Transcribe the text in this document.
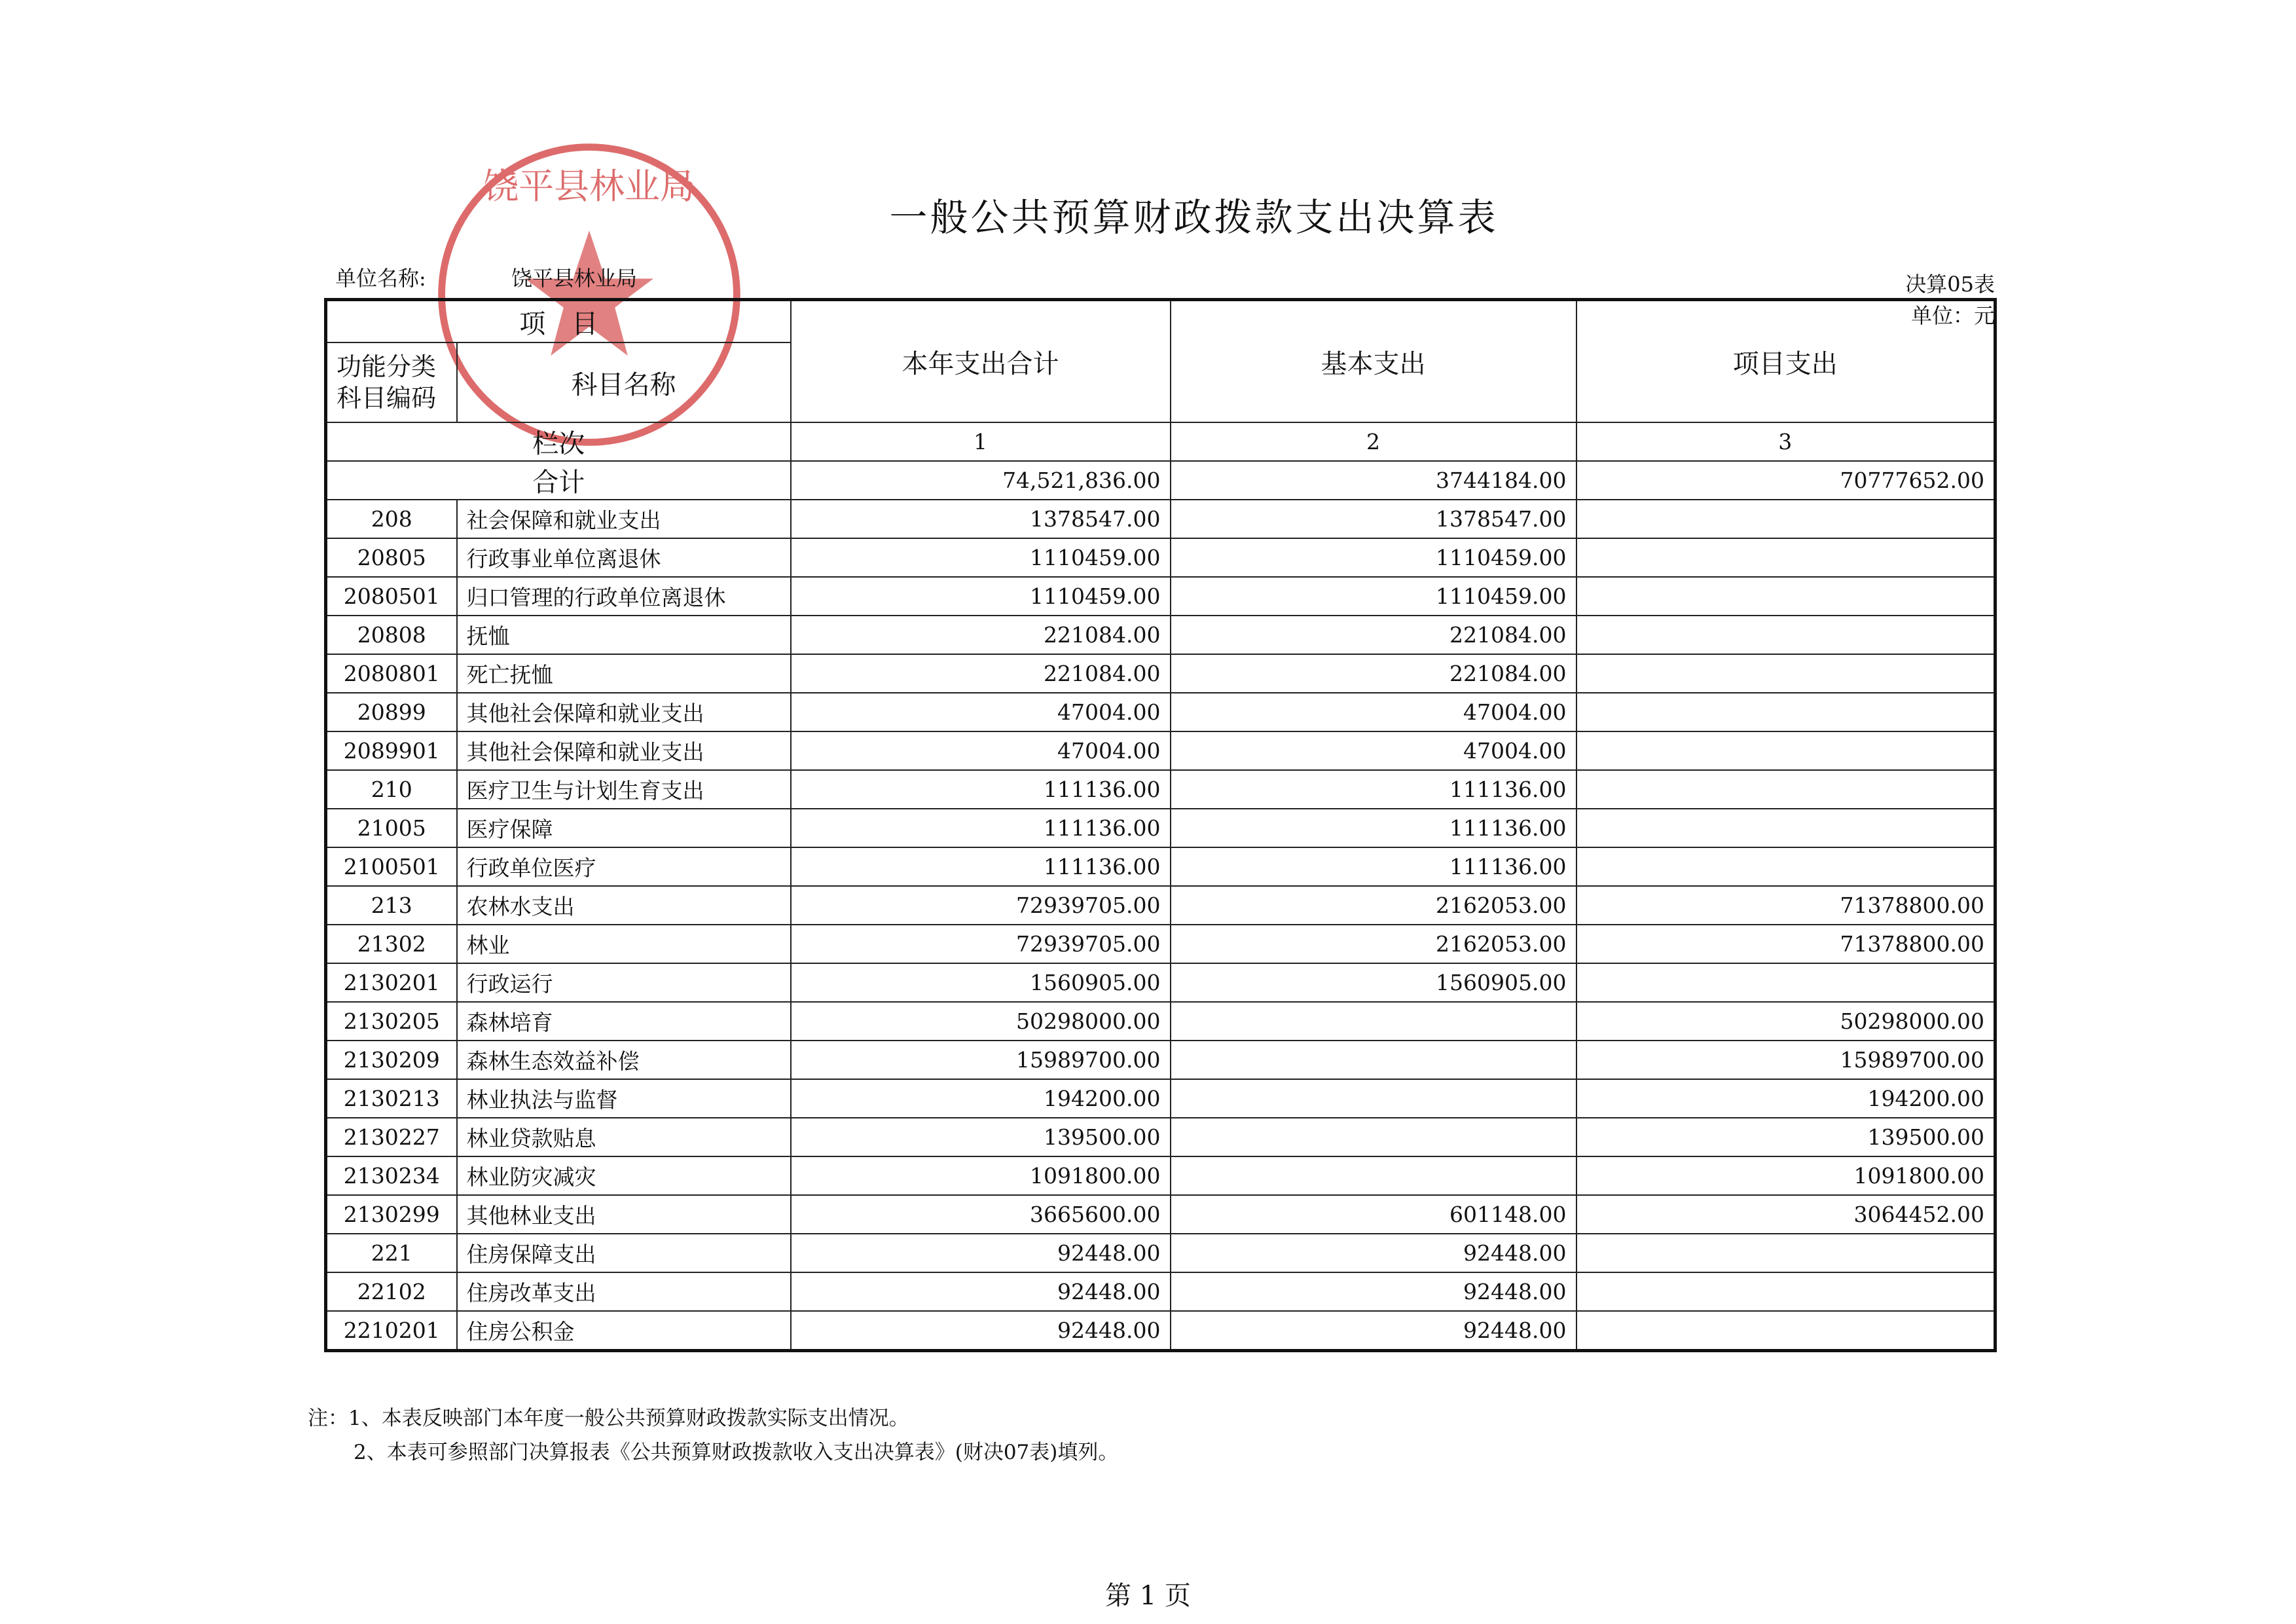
饶平县林业局
一般公共预算财政拨款支出决算表
单位名称:	饶平县林业局	决算05表
单位：元
项　目		本年支出合计	基本支出	项目支出
功能分类科目编码	科目名称			
栏次		1	2	3
合计		74,521,836.00	3744184.00	70777652.00
208	社会保障和就业支出	1378547.00	1378547.00	
20805	行政事业单位离退休	1110459.00	1110459.00	
2080501	归口管理的行政单位离退休	1110459.00	1110459.00	
20808	抚恤	221084.00	221084.00	
2080801	死亡抚恤	221084.00	221084.00	
20899	其他社会保障和就业支出	47004.00	47004.00	
2089901	其他社会保障和就业支出	47004.00	47004.00	
210	医疗卫生与计划生育支出	111136.00	111136.00	
21005	医疗保障	111136.00	111136.00	
2100501	行政单位医疗	111136.00	111136.00	
213	农林水支出	72939705.00	2162053.00	71378800.00
21302	林业	72939705.00	2162053.00	71378800.00
2130201	行政运行	1560905.00	1560905.00	
2130205	森林培育	50298000.00		50298000.00
2130209	森林生态效益补偿	15989700.00		15989700.00
2130213	林业执法与监督	194200.00		194200.00
2130227	林业贷款贴息	139500.00		139500.00
2130234	林业防灾减灾	1091800.00		1091800.00
2130299	其他林业支出	3665600.00	601148.00	3064452.00
221	住房保障支出	92448.00	92448.00	
22102	住房改革支出	92448.00	92448.00	
2210201	住房公积金	92448.00	92448.00	
注：1、本表反映部门本年度一般公共预算财政拨款实际支出情况。
2、本表可参照部门决算报表《公共预算财政拨款收入支出决算表》(财决07表)填列。
第 1 页
